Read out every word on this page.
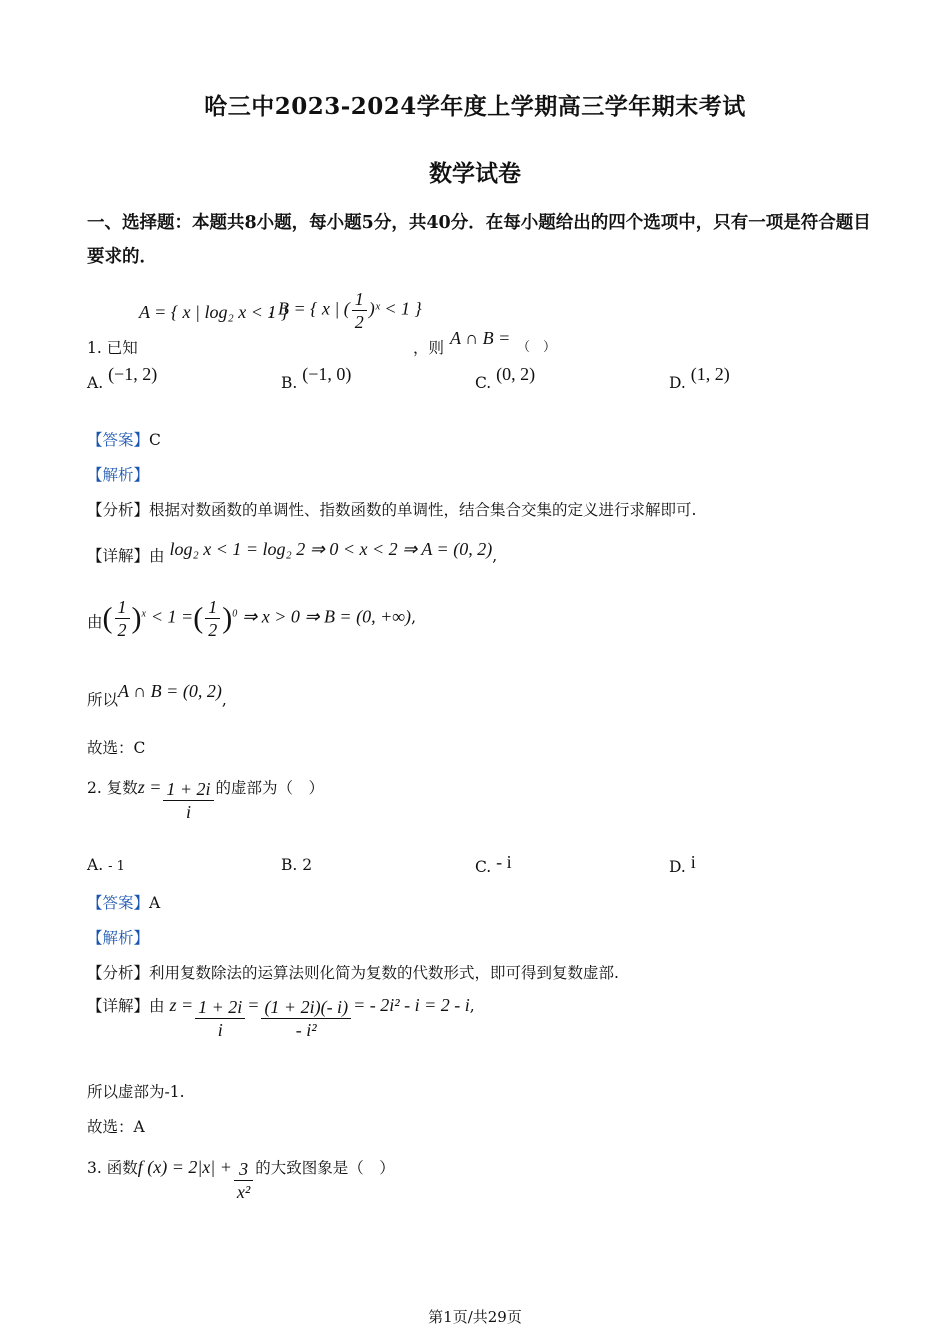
哈三中2023-2024学年度上学期高三学年期末考试
数学试卷
一、选择题：本题共8小题，每小题5分，共40分．在每小题给出的四个选项中，只有一项是符合题目要求的．
1. 已知
A = { x | log₂ x < 1 }
, B = { x | ( $\frac{1}{2}$ )ˣ < 1 }
，则 A ∩ B = （　）
A. (−1, 2)	B. (−1, 0)	C. (0, 2)	D. (1, 2)
【答案】C
【解析】
【分析】根据对数函数的单调性、指数函数的单调性，结合集合交集的定义进行求解即可.
【详解】由 log₂ x < 1 = log₂ 2 ⇒ 0 < x < 2 ⇒ A = (0, 2),
由( $\frac{1}{2} )^x < 1$ =( $\frac{1}{2} )^0$ ⇒ x > 0 ⇒ B = (0, +∞),
所以A ∩ B = (0, 2),
故选：C
2. 复数$z = \frac{1 + 2i}{i}$ 的虚部为（　）
A. - 1	B. 2	C. - i	D. i
【答案】A
【解析】
【分析】利用复数除法的运算法则化简为复数的代数形式，即可得到复数虚部.
【详解】由 $z = \frac{1 + 2i}{i} = \frac{(1 + 2i)(- i)}{\text{- i²}}$ = - 2i² - i = 2 - i,
所以虚部为-1.
故选：A
3. 函数f $(x) = 2|x| + \frac{3}{\text{x²}}$ 的大致图象是（　）
第1页/共29页
